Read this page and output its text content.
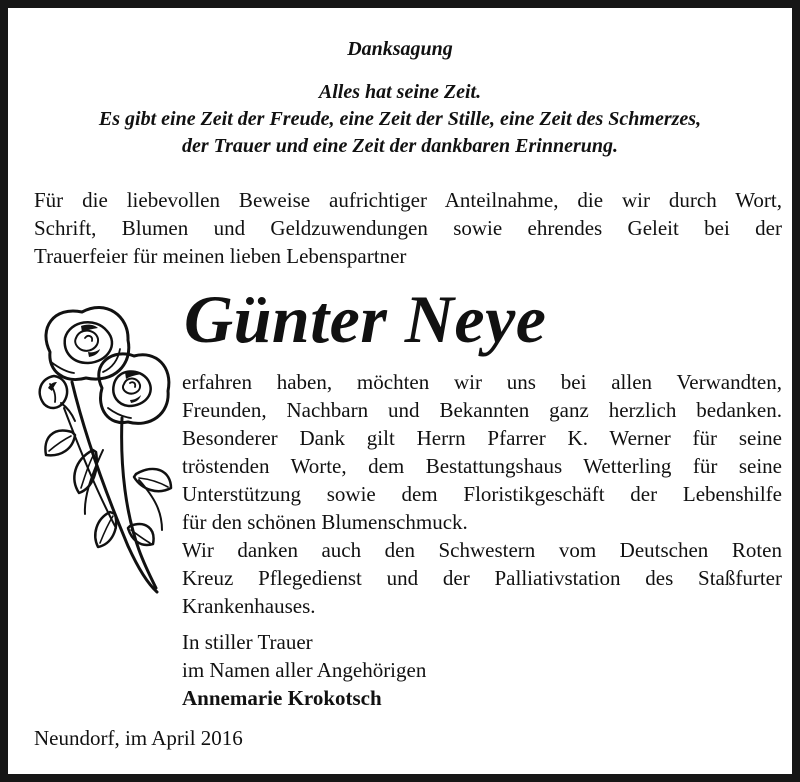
Danksagung

Alles hat seine Zeit.

Es gibt eine Zeit der Freude, eine Zeit der Stille, eine Zeit des Schmerzes,

der Trauer und eine Zeit der dankbaren Erinnerung.

Für die liebevollen Beweise aufrichtiger Anteilnahme, die wir durch Wort,
Schrift, Blumen und Geldzuwendungen sowie ehrendes Geleit bei der
Trauerfeier für meinen lieben Lebenspartner
Günter Neye
erfahren haben, möchten wir uns bei allen Verwandten,
Freunden, Nachbarn und Bekannten ganz herzlich bedanken.
Besonderer Dank gilt Herrn Pfarrer K. Werner für seine
tröstenden Worte, dem Bestattungshaus Wetterling für seine
Unterstützung sowie dem Floristikgeschäft der Lebenshilfe
für den schönen Blumenschmuck.
Wir danken auch den Schwestern vom Deutschen Roten
Kreuz Pflegedienst und der Palliativstation des Staßfurter
Krankenhauses.
In stiller Trauer
im Namen aller Angehörigen
Annemarie Krokotsch
Neundorf, im April 2016
